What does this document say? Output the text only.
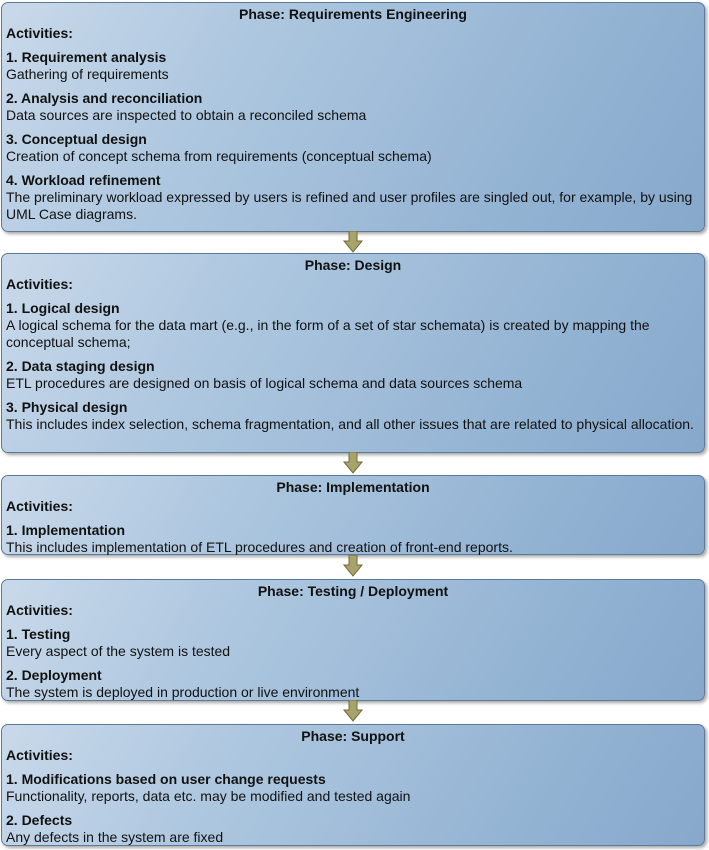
Phase: Requirements Engineering
Activities:
1. Requirement analysis
Gathering of requirements
2. Analysis and reconciliation
Data sources are inspected to obtain a reconciled schema
3. Conceptual design
Creation of concept schema from requirements (conceptual schema)
4. Workload refinement
The preliminary workload expressed by users is refined and user profiles are singled out, for example, by using UML Case diagrams.
Phase: Design
Activities:
1. Logical design
A logical schema for the data mart (e.g., in the form of a set of star schemata) is created by mapping the conceptual schema;
2. Data staging design
ETL procedures are designed on basis of logical schema and data sources schema
3. Physical design
This includes index selection, schema fragmentation, and all other issues that are related to physical allocation.
Phase: Implementation
Activities:
1. Implementation
This includes implementation of ETL procedures and creation of front-end reports.
Phase: Testing / Deployment
Activities:
1. Testing
Every aspect of the system is tested
2. Deployment
The system is deployed in production or live environment
Phase: Support
Activities:
1. Modifications based on user change requests
Functionality, reports, data etc. may be modified and tested again
2. Defects
Any defects in the system are fixed
